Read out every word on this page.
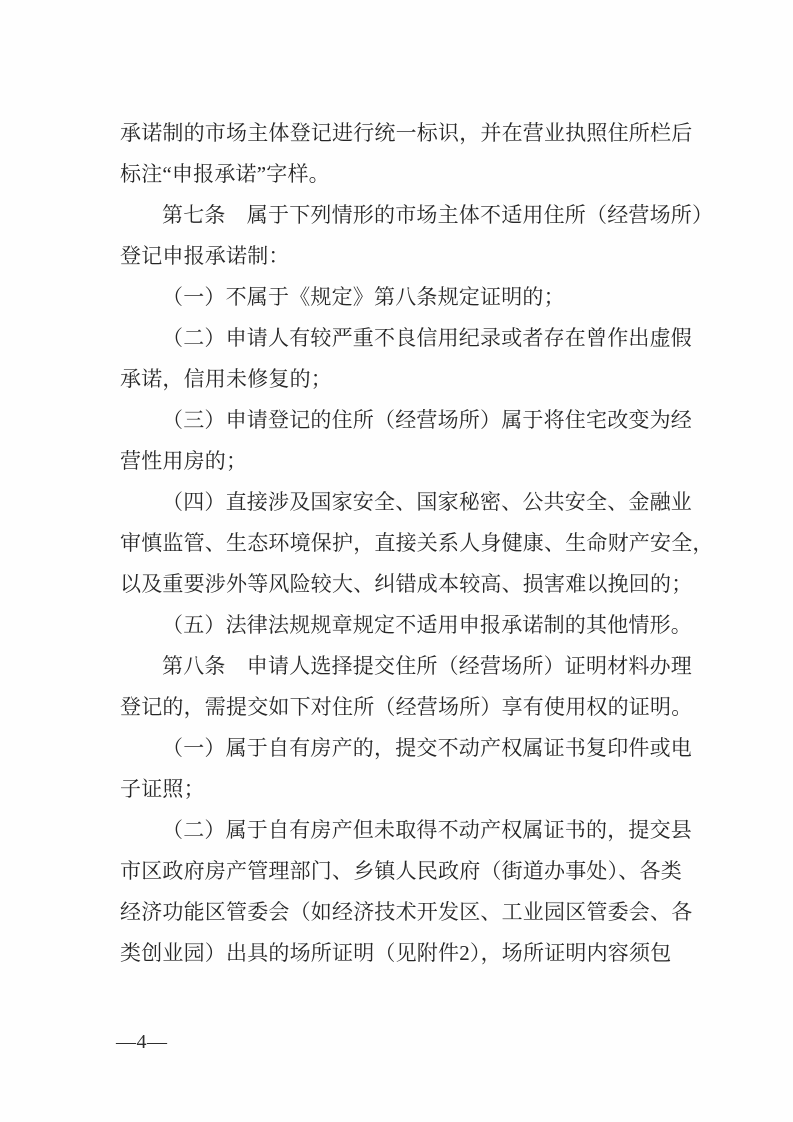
承诺制的市场主体登记进行统一标识，并在营业执照住所栏后
标注“申报承诺”字样。
第七条　属于下列情形的市场主体不适用住所（经营场所）
登记申报承诺制：
（一）不属于《规定》第八条规定证明的；
（二）申请人有较严重不良信用纪录或者存在曾作出虚假
承诺，信用未修复的；
（三）申请登记的住所（经营场所）属于将住宅改变为经
营性用房的；
（四）直接涉及国家安全、国家秘密、公共安全、金融业
审慎监管、生态环境保护，直接关系人身健康、生命财产安全，
以及重要涉外等风险较大、纠错成本较高、损害难以挽回的；
（五）法律法规规章规定不适用申报承诺制的其他情形。
第八条　申请人选择提交住所（经营场所）证明材料办理
登记的，需提交如下对住所（经营场所）享有使用权的证明。
（一）属于自有房产的，提交不动产权属证书复印件或电
子证照；
（二）属于自有房产但未取得不动产权属证书的，提交县
市区政府房产管理部门、乡镇人民政府（街道办事处）、各类
经济功能区管委会（如经济技术开发区、工业园区管委会、各
类创业园）出具的场所证明（见附件2），场所证明内容须包
—4—
